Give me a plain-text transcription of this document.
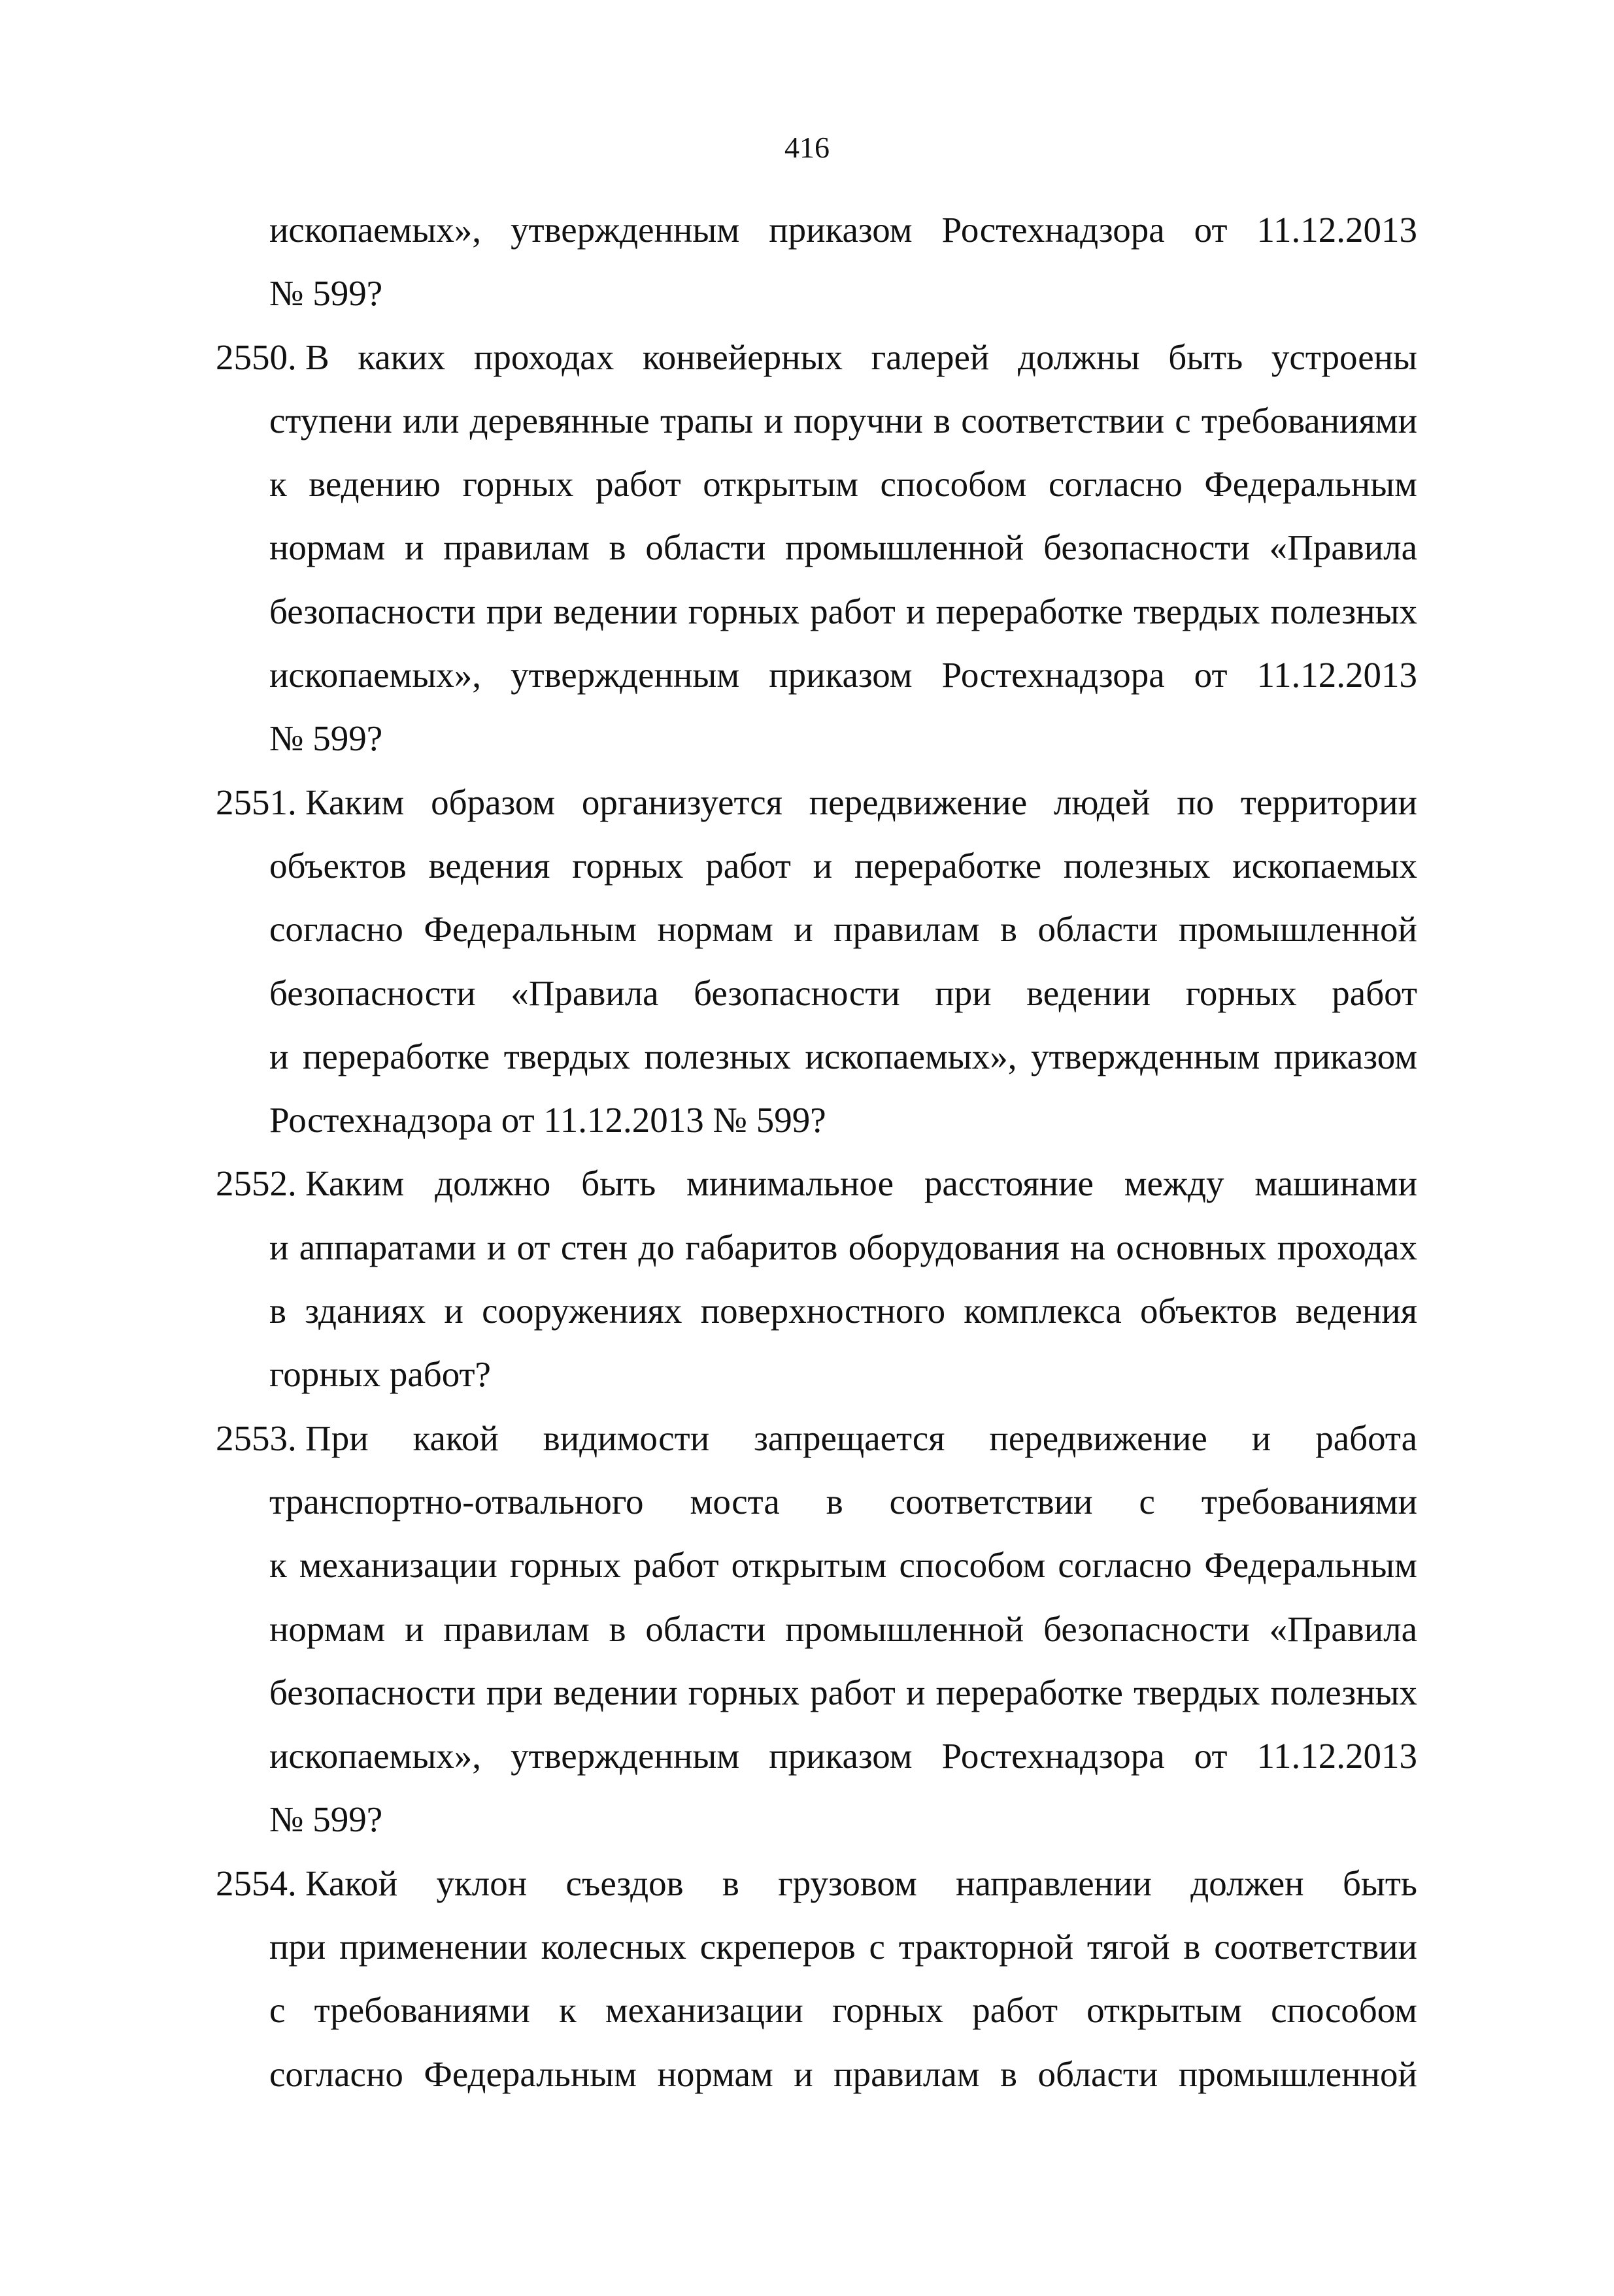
416
ископаемых», утвержденным приказом Ростехнадзора от 11.12.2013
№ 599?
2550. В каких проходах конвейерных галерей должны быть устроены
ступени или деревянные трапы и поручни в соответствии с требованиями
к ведению горных работ открытым способом согласно Федеральным
нормам и правилам в области промышленной безопасности «Правила
безопасности при ведении горных работ и переработке твердых полезных
ископаемых», утвержденным приказом Ростехнадзора от 11.12.2013
№ 599?
2551. Каким образом организуется передвижение людей по территории
объектов ведения горных работ и переработке полезных ископаемых
согласно Федеральным нормам и правилам в области промышленной
безопасности «Правила безопасности при ведении горных работ
и переработке твердых полезных ископаемых», утвержденным приказом
Ростехнадзора от 11.12.2013 № 599?
2552. Каким должно быть минимальное расстояние между машинами
и аппаратами и от стен до габаритов оборудования на основных проходах
в зданиях и сооружениях поверхностного комплекса объектов ведения
горных работ?
2553. При какой видимости запрещается передвижение и работа
транспортно-отвального моста в соответствии с требованиями
к механизации горных работ открытым способом согласно Федеральным
нормам и правилам в области промышленной безопасности «Правила
безопасности при ведении горных работ и переработке твердых полезных
ископаемых», утвержденным приказом Ростехнадзора от 11.12.2013
№ 599?
2554. Какой уклон съездов в грузовом направлении должен быть
при применении колесных скреперов с тракторной тягой в соответствии
с требованиями к механизации горных работ открытым способом
согласно Федеральным нормам и правилам в области промышленной
